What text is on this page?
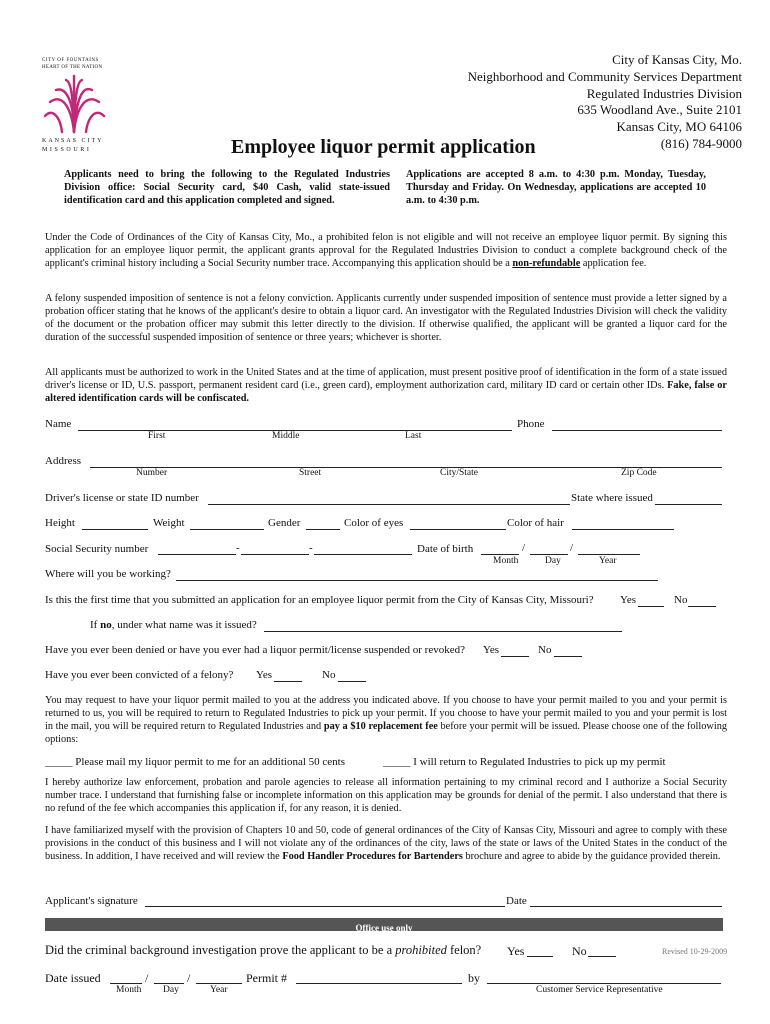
CITY OF FOUNTAINS
HEART OF THE NATION
KANSAS CITY
MISSOURI
City of Kansas City, Mo.
Neighborhood and Community Services Department
Regulated Industries Division
635 Woodland Ave., Suite 2101
Kansas City, MO 64106
(816) 784-9000
Employee liquor permit application
Applicants need to bring the following to the Regulated Industries Division office: Social Security card, $40 Cash, valid state-issued identification card and this application completed and signed.
Applications are accepted 8 a.m. to 4:30 p.m. Monday, Tuesday, Thursday and Friday. On Wednesday, applications are accepted 10 a.m. to 4:30 p.m.

Under the Code of Ordinances of the City of Kansas City, Mo., a prohibited felon is not eligible and will not receive an employee liquor permit. By signing this application for an employee liquor permit, the applicant grants approval for the Regulated Industries Division to conduct a complete background check of the applicant's criminal history including a Social Security number trace. Accompanying this application should be a non-refundable application fee.

A felony suspended imposition of sentence is not a felony conviction. Applicants currently under suspended imposition of sentence must provide a letter signed by a probation officer stating that he knows of the applicant's desire to obtain a liquor card. An investigator with the Regulated Industries Division will check the validity of the document or the probation officer may submit this letter directly to the division. If otherwise qualified, the applicant will be granted a liquor card for the duration of the successful suspended imposition of sentence or three years; whichever is shorter.

All applicants must be authorized to work in the United States and at the time of application, must present positive proof of identification in the form of a state issued driver's license or ID, U.S. passport, permanent resident card (i.e., green card), employment authorization card, military ID card or certain other IDs. Fake, false or altered identification cards will be confiscated.

Name	Phone
First	Middle	Last
Address
Number	Street	City/State	Zip Code
Driver's license or state ID number	State where issued
Height	Weight	Gender	Color of eyes	Color of hair
Social Security number	-	-	Date of birth	/	/
Month	Day	Year
Where will you be working?
Is this the first time that you submitted an application for an employee liquor permit from the City of Kansas City, Missouri? Yes	No
If no, under what name was it issued?
Have you ever been denied or have you ever had a liquor permit/license suspended or revoked? Yes	No
Have you ever been convicted of a felony? Yes	No

You may request to have your liquor permit mailed to you at the address you indicated above. If you choose to have your permit mailed to you and your permit is returned to us, you will be required to return to Regulated Industries to pick up your permit. If you choose to have your permit mailed to you and your permit is lost in the mail, you will be required return to Regulated Industries and pay a $10 replacement fee before your permit will be issued. Please choose one of the following options:

_____ Please mail my liquor permit to me for an additional 50 cents	_____ I will return to Regulated Industries to pick up my permit

I hereby authorize law enforcement, probation and parole agencies to release all information pertaining to my criminal record and I authorize a Social Security number trace. I understand that furnishing false or incomplete information on this application may be grounds for denial of the permit. I also understand that there is no refund of the fee which accompanies this application if, for any reason, it is denied.

I have familiarized myself with the provision of Chapters 10 and 50, code of general ordinances of the City of Kansas City, Missouri and agree to comply with these provisions in the conduct of this business and I will not violate any of the ordinances of the city, laws of the state or laws of the United States in the conduct of the business. In addition, I have received and will review the Food Handler Procedures for Bartenders brochure and agree to abide by the guidance provided therein.

Applicant's signature	Date
Office use only
Did the criminal background investigation prove the applicant to be a prohibited felon? Yes	No	Revised 10-29-2009
Date issued	/	/	Permit #	by
Month Day	Year	Customer Service Representative
